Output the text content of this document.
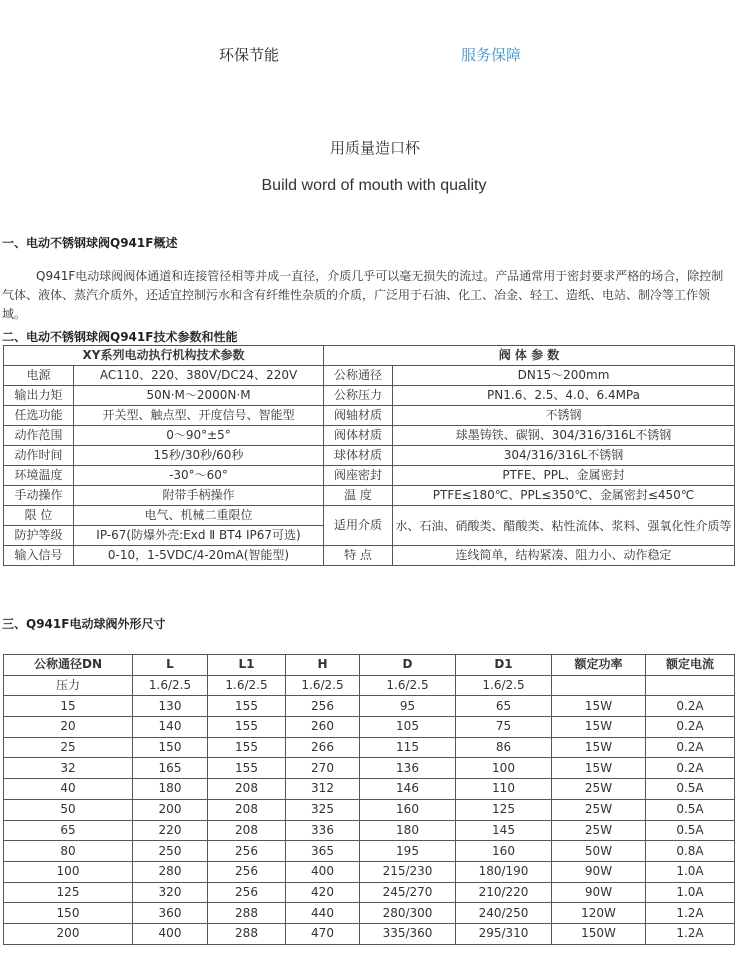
环保节能	服务保障
用质量造口杯
Build word of mouth with quality
一、电动不锈钢球阀Q941F概述
Q941F电动球阀阀体通道和连接管径相等并成一直径，介质几乎可以毫无损失的流过。产品通常用于密封要求严格的场合，除控制气体、液体、蒸汽介质外，还适宜控制污水和含有纤维性杂质的介质，广泛用于石油、化工、冶金、轻工、造纸、电站、制冷等工作领域。
二、电动不锈钢球阀Q941F技术参数和性能
XY系列电动执行机构技术参数		阀 体 参 数	
电源	AC110、220、380V/DC24、220V	公称通径	DN15～200mm
输出力矩	50N·M～2000N·M	公称压力	PN1.6、2.5、4.0、6.4MPa
任选功能	开关型、触点型、开度信号、智能型	阀轴材质	不锈钢
动作范围	0～90°±5°	阀体材质	球墨铸铁、碳钢、304/316/316L不锈钢
动作时间	15秒/30秒/60秒	球体材质	304/316/316L不锈钢
环境温度	-30°～60°	阀座密封	PTFE、PPL、金属密封
手动操作	附带手柄操作	温 度	PTFE≤180℃、PPL≤350℃、金属密封≤450℃
限 位	电气、机械二重限位	适用介质	水、石油、硝酸类、醋酸类、粘性流体、浆料、强氧化性介质等
防护等级	IP-67(防爆外壳:Exd Ⅱ BT4 IP67可选)		
输入信号	0-10，1-5VDC/4-20mA(智能型)	特 点	连线简单，结构紧凑、阻力小、动作稳定
三、Q941F电动球阀外形尺寸
公称通径DN	L	L1	H	D	D1	额定功率	额定电流
压力	1.6/2.5	1.6/2.5	1.6/2.5	1.6/2.5	1.6/2.5		
15	130	155	256	95	65	15W	0.2A
20	140	155	260	105	75	15W	0.2A
25	150	155	266	115	86	15W	0.2A
32	165	155	270	136	100	15W	0.2A
40	180	208	312	146	110	25W	0.5A
50	200	208	325	160	125	25W	0.5A
65	220	208	336	180	145	25W	0.5A
80	250	256	365	195	160	50W	0.8A
100	280	256	400	215/230	180/190	90W	1.0A
125	320	256	420	245/270	210/220	90W	1.0A
150	360	288	440	280/300	240/250	120W	1.2A
200	400	288	470	335/360	295/310	150W	1.2A
